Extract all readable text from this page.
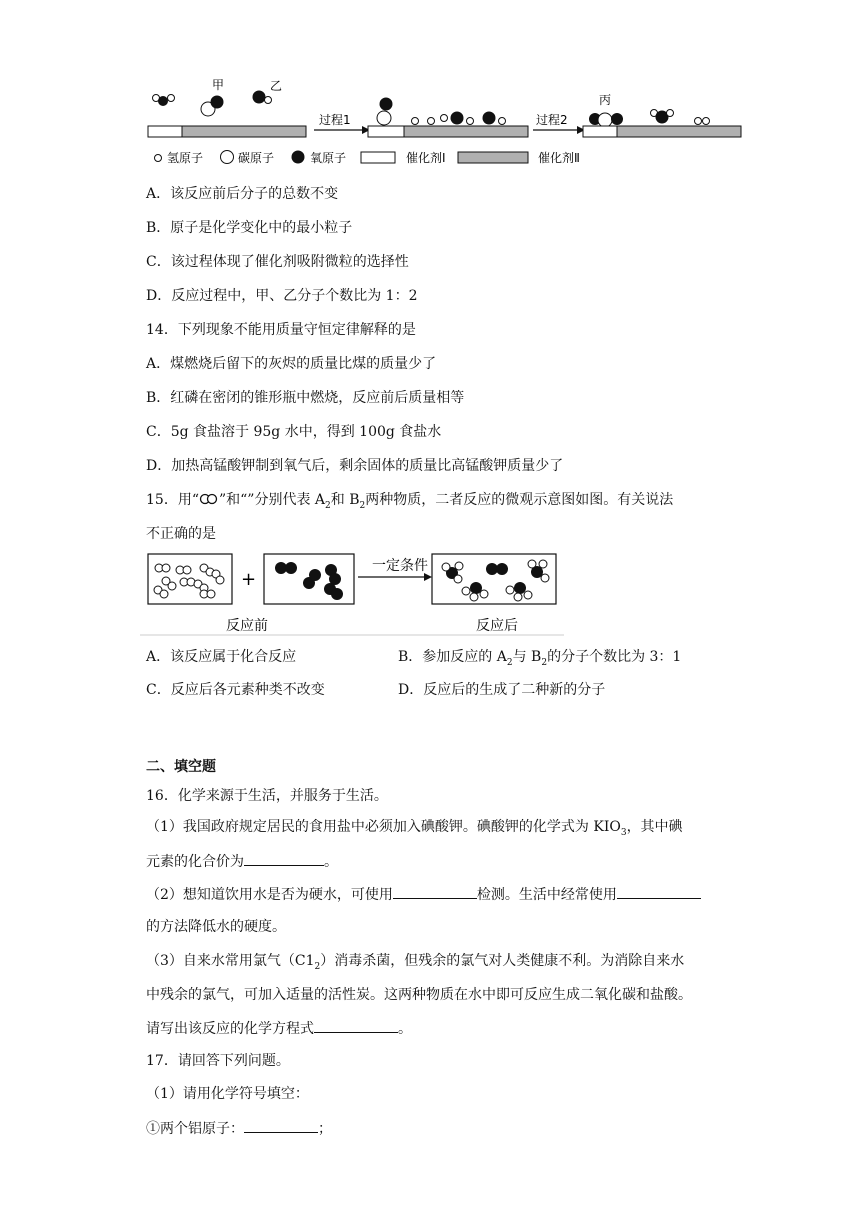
甲	乙
丙
过程1	过程2
氢原子	碳原子	氧原子	催化剂Ⅰ	催化剂Ⅱ
A．该反应前后分子的总数不变
B．原子是化学变化中的最小粒子
C．该过程体现了催化剂吸附微粒的选择性
D．反应过程中，甲、乙分子个数比为 1：2
14．下列现象不能用质量守恒定律解释的是
A．煤燃烧后留下的灰烬的质量比煤的质量少了
B．红磷在密闭的锥形瓶中燃烧，反应前后质量相等
C．5g 食盐溶于 95g 水中，得到 100g 食盐水
D．加热高锰酸钾制到氧气后，剩余固体的质量比高锰酸钾质量少了
15．用“ ”和“”分别代表 $A_2$和 $B_2$两种物质，二者反应的微观示意图如图。有关说法
不正确的是
+
一定条件
反应前	反应后
A．该反应属于化合反应	B．参加反应的 $A_2$与 $B_2$的分子个数比为 3：1
C．反应后各元素种类不改变	D．反应后的生成了二种新的分子
二、填空题
16．化学来源于生活，并服务于生活。
（1）我国政府规定居民的食用盐中必须加入碘酸钾。碘酸钾的化学式为 $KIO_3$，其中碘
元素的化合价为	。
（2）想知道饮用水是否为硬水，可使用	检测。生活中经常使用
的方法降低水的硬度。
（3）自来水常用氯气$(C1_2)$消毒杀菌，但残余的氯气对人类健康不利。为消除自来水
中残余的氯气，可加入适量的活性炭。这两种物质在水中即可反应生成二氧化碳和盐酸。
请写出该反应的化学方程式	。
17．请回答下列问题。
（1）请用化学符号填空：
①两个铝原子：	；
